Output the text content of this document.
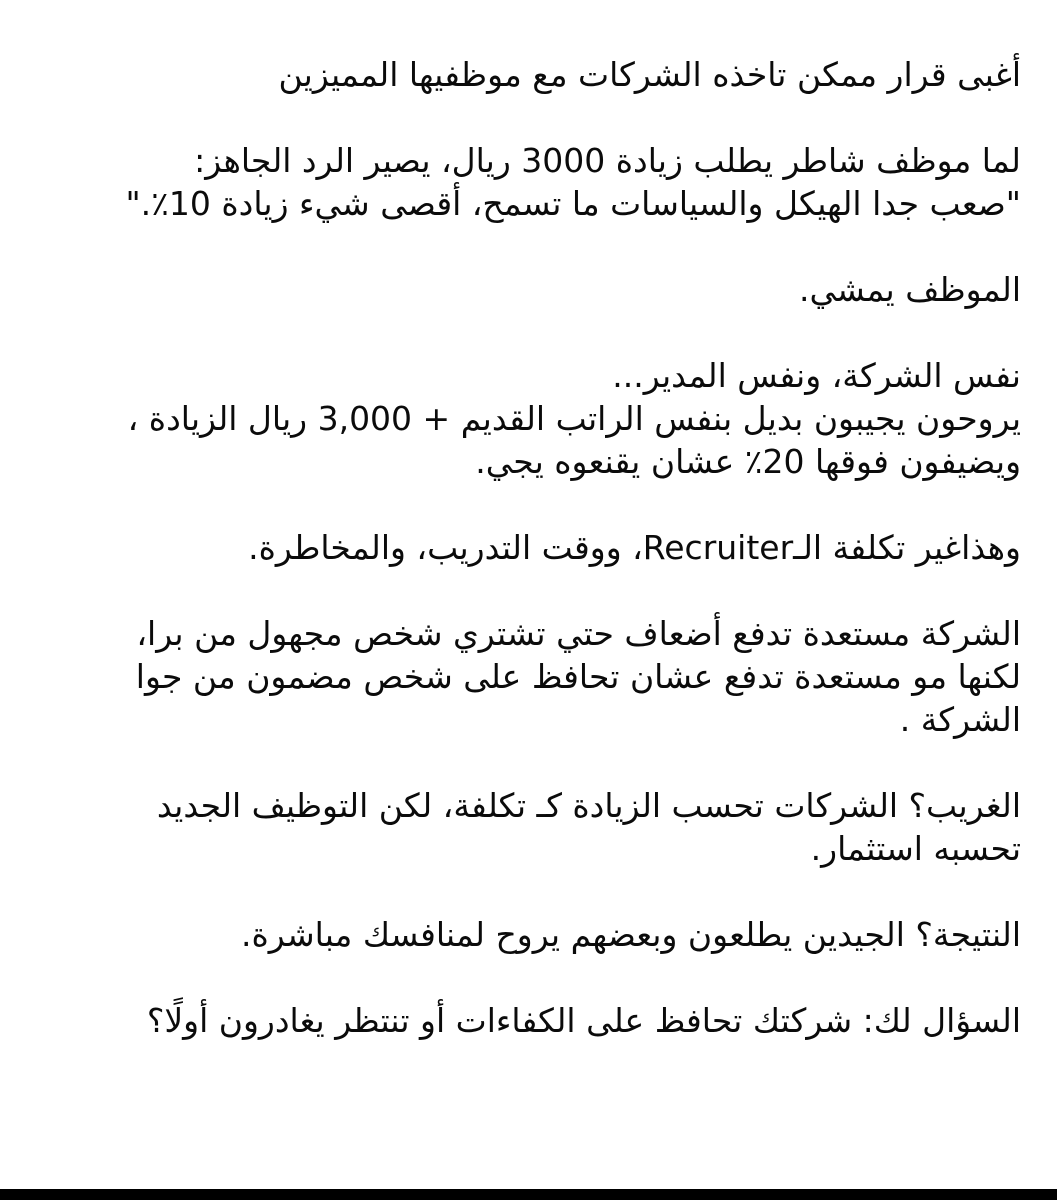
أغبى قرار ممكن تاخذه الشركات مع موظفيها المميزين

لما موظف شاطر يطلب زيادة 3000 ريال، يصير الرد الجاهز:
"صعب جدا الهيكل والسياسات ما تسمح، أقصى شيء زيادة 10٪."

الموظف يمشي.

نفس الشركة، ونفس المدير...
يروحون يجيبون بديل بنفس الراتب القديم + 3,000 ريال الزيادة ،
ويضيفون فوقها 20٪ عشان يقنعوه يجي.

وهذاغير تكلفة الـRecruiter، ووقت التدريب، والمخاطرة.

الشركة مستعدة تدفع أضعاف حتي تشتري شخص مجهول من برا،
لكنها مو مستعدة تدفع عشان تحافظ على شخص مضمون من جوا
الشركة .

الغريب؟ الشركات تحسب الزيادة كـ تكلفة، لكن التوظيف الجديد
تحسبه استثمار.

النتيجة؟ الجيدين يطلعون وبعضهم يروح لمنافسك مباشرة.

السؤال لك: شركتك تحافظ على الكفاءات أو تنتظر يغادرون أولًا؟
